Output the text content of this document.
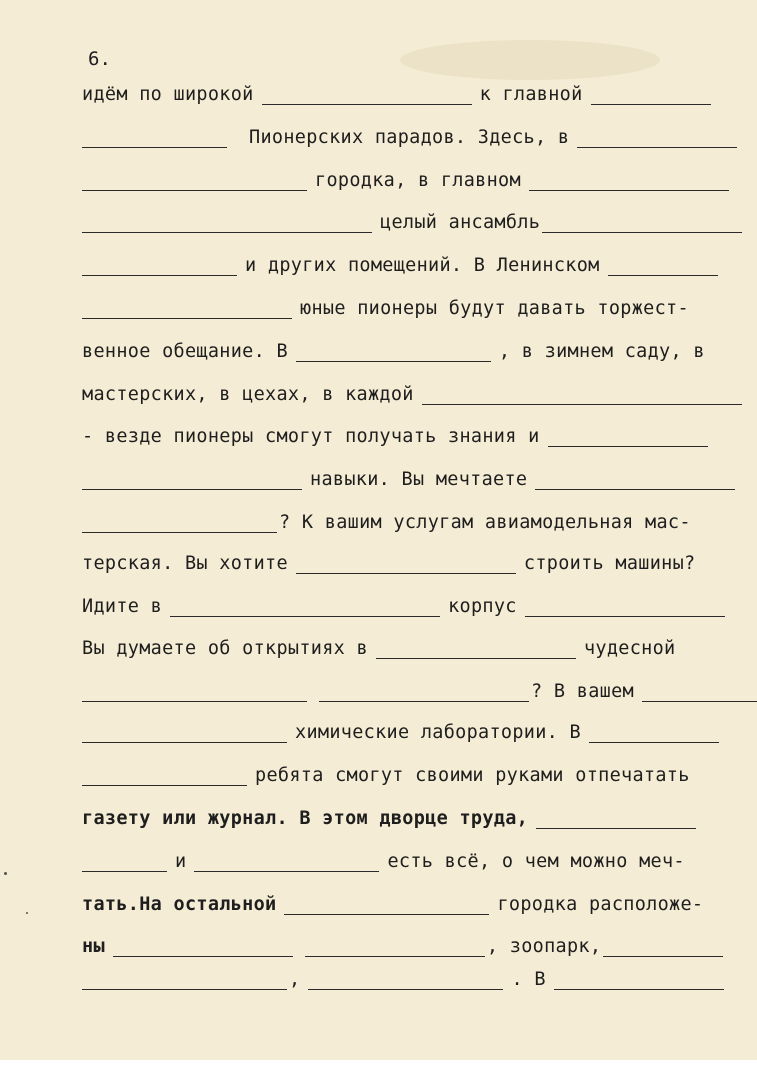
6.
идём по широкой	к главной
Пионерских парадов. Здесь, в
городка, в главном
целый ансамбль
и других помещений. В Ленинском
юные пионеры будут давать торжест-
венное обещание. В	, в зимнем саду, в
мастерских, в цехах, в каждой
- везде пионеры смогут получать знания и
навыки. Вы мечтаете
? К вашим услугам авиамодельная мас-
терская. Вы хотите	строить машины?
Идите в	корпус
Вы думаете об открытиях в	чудесной
? В вашем
химические лаборатории. В
ребята смогут своими руками отпечатать
газету или журнал. В этом дворце труда,
и	есть всё, о чем можно меч-
тать.На остальной	городка расположе-
ны	, зоопарк,
,	. В
